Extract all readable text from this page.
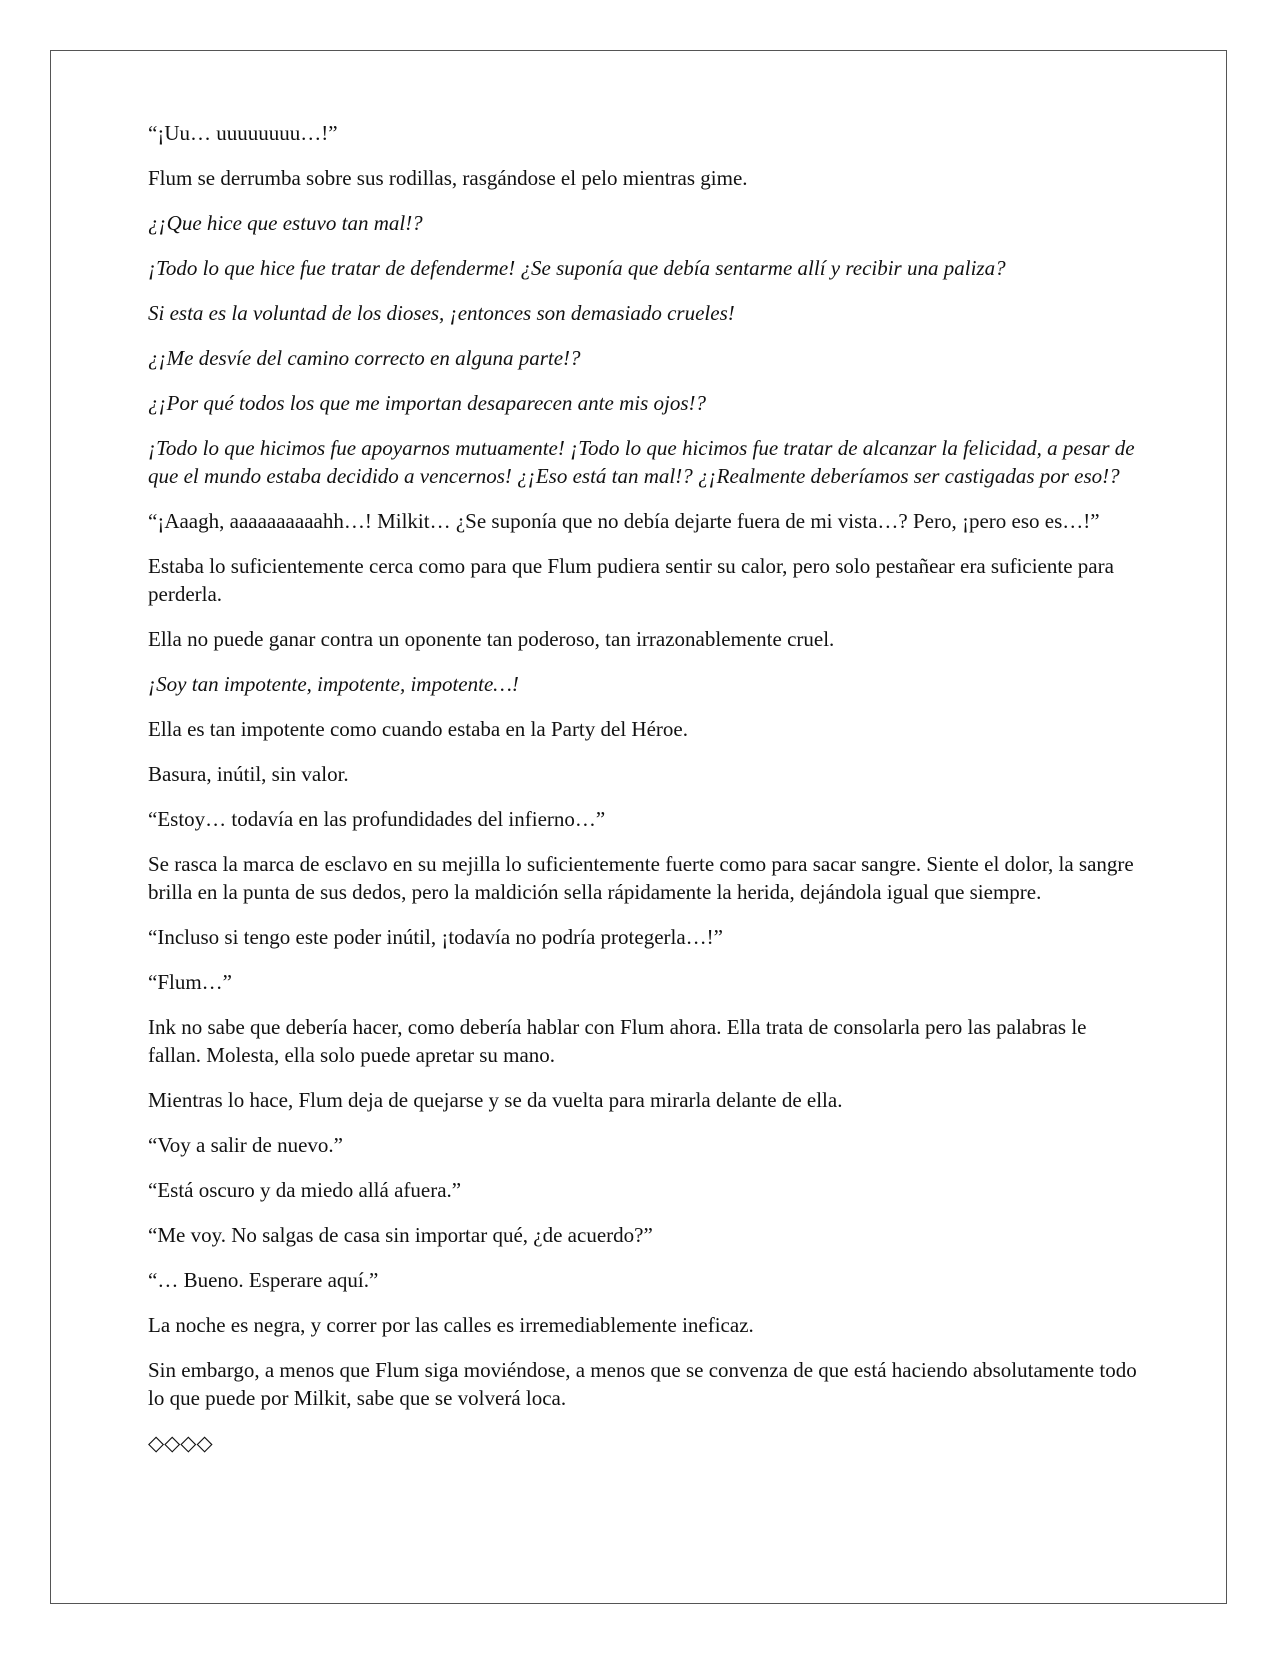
“¡Uu… uuuuuuuu…!”

Flum se derrumba sobre sus rodillas, rasgándose el pelo mientras gime.

¿¡Que hice que estuvo tan mal!?

¡Todo lo que hice fue tratar de defenderme! ¿Se suponía que debía sentarme allí y recibir una paliza?

Si esta es la voluntad de los dioses, ¡entonces son demasiado crueles!

¿¡Me desvíe del camino correcto en alguna parte!?

¿¡Por qué todos los que me importan desaparecen ante mis ojos!?

¡Todo lo que hicimos fue apoyarnos mutuamente! ¡Todo lo que hicimos fue tratar de alcanzar la felicidad, a pesar de que el mundo estaba decidido a vencernos! ¿¡Eso está tan mal!? ¿¡Realmente deberíamos ser castigadas por eso!?

“¡Aaagh, aaaaaaaaaahh…! Milkit… ¿Se suponía que no debía dejarte fuera de mi vista…? Pero, ¡pero eso es…!”

Estaba lo suficientemente cerca como para que Flum pudiera sentir su calor, pero solo pestañear era suficiente para perderla.

Ella no puede ganar contra un oponente tan poderoso, tan irrazonablemente cruel.

¡Soy tan impotente, impotente, impotente…!

Ella es tan impotente como cuando estaba en la Party del Héroe.

Basura, inútil, sin valor.

“Estoy… todavía en las profundidades del infierno…”

Se rasca la marca de esclavo en su mejilla lo suficientemente fuerte como para sacar sangre. Siente el dolor, la sangre brilla en la punta de sus dedos, pero la maldición sella rápidamente la herida, dejándola igual que siempre.

“Incluso si tengo este poder inútil, ¡todavía no podría protegerla…!”

“Flum…”

Ink no sabe que debería hacer, como debería hablar con Flum ahora. Ella trata de consolarla pero las palabras le fallan. Molesta, ella solo puede apretar su mano.

Mientras lo hace, Flum deja de quejarse y se da vuelta para mirarla delante de ella.

“Voy a salir de nuevo.”

“Está oscuro y da miedo allá afuera.”

“Me voy. No salgas de casa sin importar qué, ¿de acuerdo?”

“… Bueno. Esperare aquí.”

La noche es negra, y correr por las calles es irremediablemente ineficaz.

Sin embargo, a menos que Flum siga moviéndose, a menos que se convenza de que está haciendo absolutamente todo lo que puede por Milkit, sabe que se volverá loca.

◇◇◇◇
